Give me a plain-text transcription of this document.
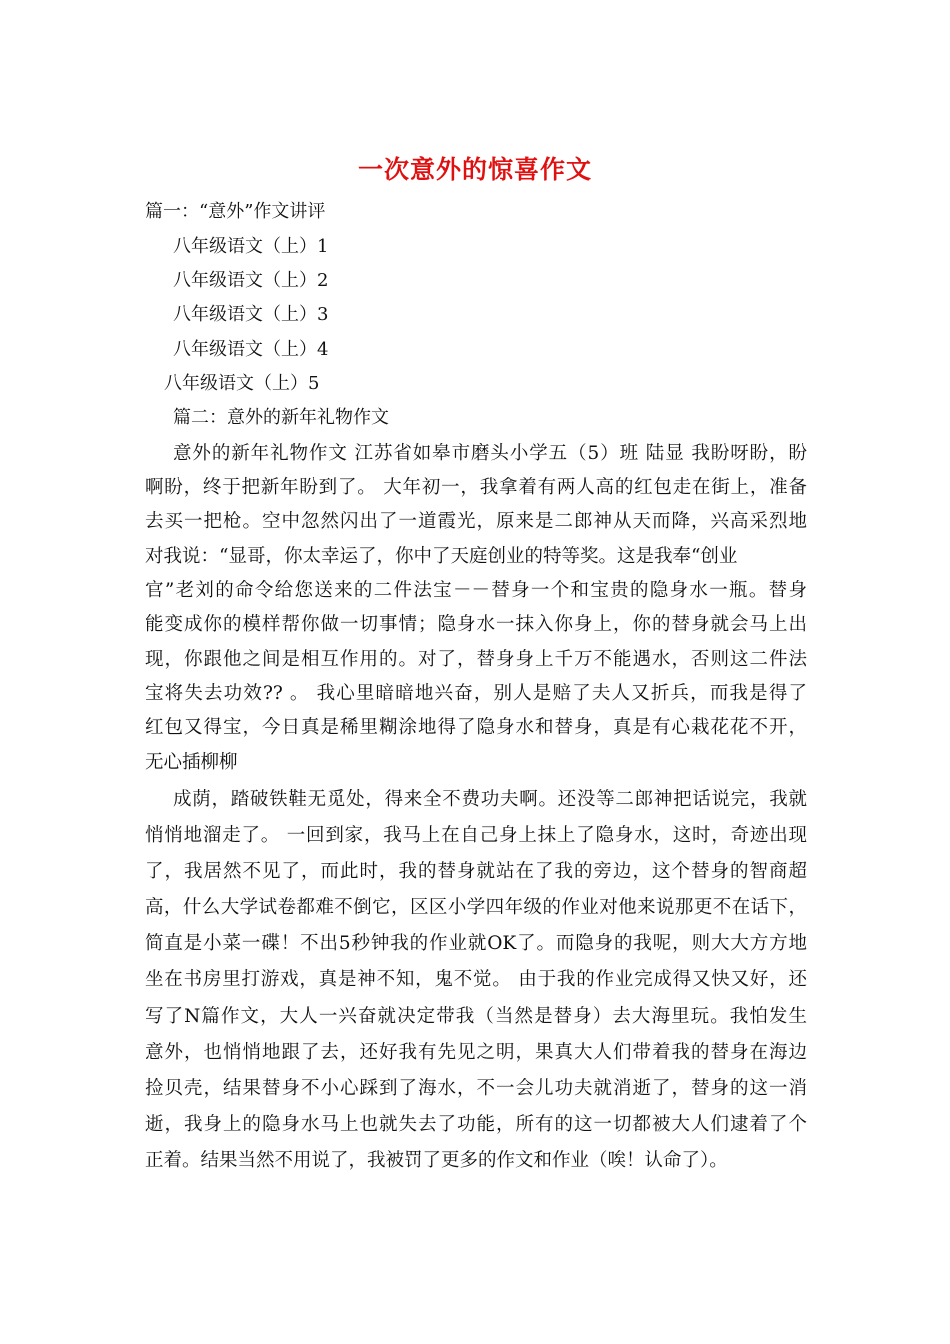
一次意外的惊喜作文
篇一：“意外”作文讲评
八年级语文（上）1
八年级语文（上）2
八年级语文（上）3
八年级语文（上）4
八年级语文（上）5
篇二：意外的新年礼物作文
意外的新年礼物作文 江苏省如皋市磨头小学五（5）班 陆显 我盼呀盼，盼
啊盼，终于把新年盼到了。 大年初一，我拿着有两人高的红包走在街上，准备
去买一把枪。空中忽然闪出了一道霞光，原来是二郎神从天而降，兴高采烈地
对我说：“显哥，你太幸运了，你中了天庭创业的特等奖。这是我奉“创业
官”老刘的命令给您送来的二件法宝－－替身一个和宝贵的隐身水一瓶。替身
能变成你的模样帮你做一切事情；隐身水一抹入你身上，你的替身就会马上出
现，你跟他之间是相互作用的。对了，替身身上千万不能遇水，否则这二件法
宝将失去功效?? 。 我心里暗暗地兴奋，别人是赔了夫人又折兵，而我是得了
红包又得宝，今日真是稀里糊涂地得了隐身水和替身，真是有心栽花花不开，
无心插柳柳
成荫，踏破铁鞋无觅处，得来全不费功夫啊。还没等二郎神把话说完，我就
悄悄地溜走了。 一回到家，我马上在自己身上抹上了隐身水，这时，奇迹出现
了，我居然不见了，而此时，我的替身就站在了我的旁边，这个替身的智商超
高，什么大学试卷都难不倒它，区区小学四年级的作业对他来说那更不在话下，
简直是小菜一碟！不出5秒钟我的作业就OK了。而隐身的我呢，则大大方方地
坐在书房里打游戏，真是神不知，鬼不觉。 由于我的作业完成得又快又好，还
写了N篇作文，大人一兴奋就决定带我（当然是替身）去大海里玩。我怕发生
意外，也悄悄地跟了去，还好我有先见之明，果真大人们带着我的替身在海边
捡贝壳，结果替身不小心踩到了海水，不一会儿功夫就消逝了，替身的这一消
逝，我身上的隐身水马上也就失去了功能，所有的这一切都被大人们逮着了个
正着。结果当然不用说了，我被罚了更多的作文和作业（唉！认命了）。
